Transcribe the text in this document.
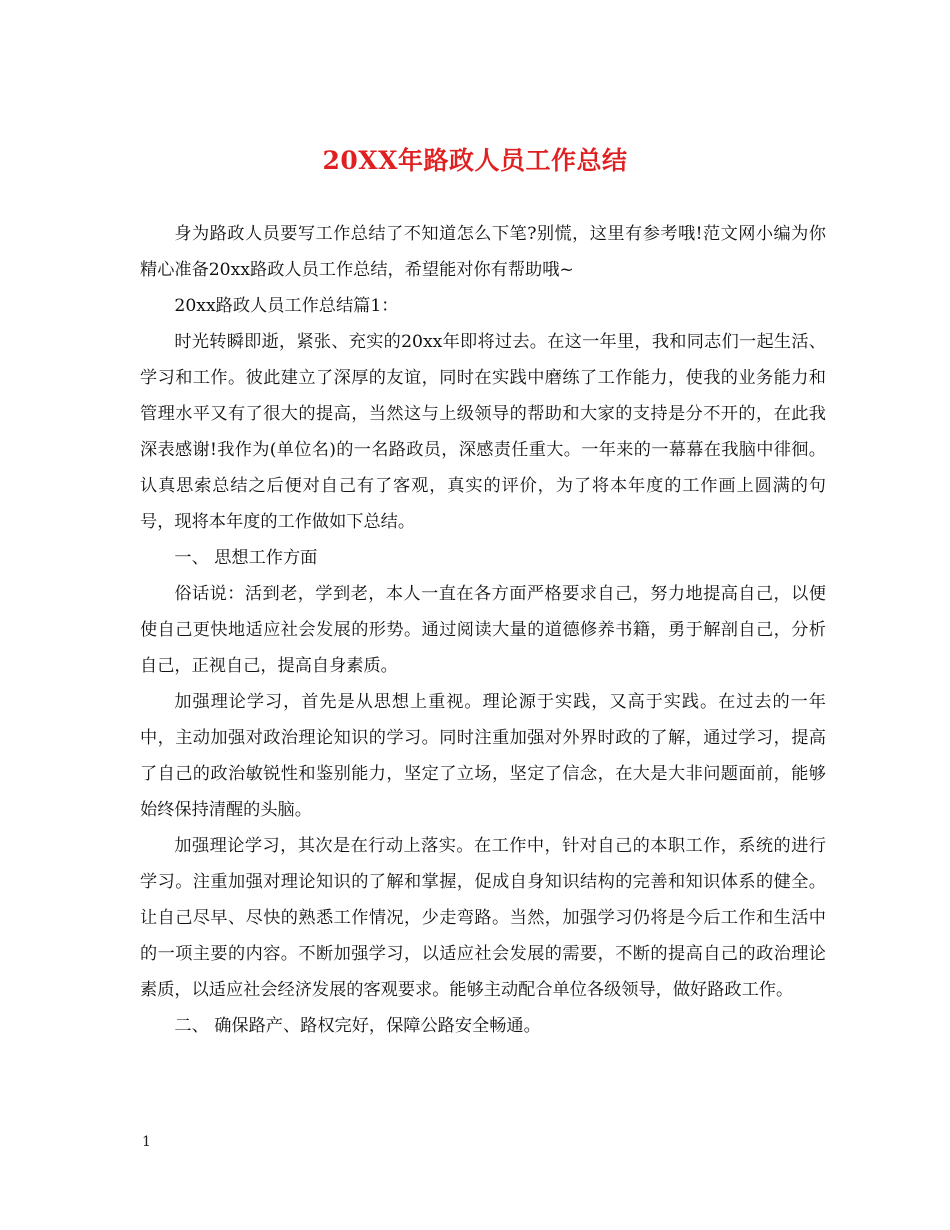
20XX年路政人员工作总结

身为路政人员要写工作总结了不知道怎么下笔?别慌，这里有参考哦!范文网小编为你精心准备20xx路政人员工作总结，希望能对你有帮助哦~

20xx路政人员工作总结篇1：

时光转瞬即逝，紧张、充实的20xx年即将过去。在这一年里，我和同志们一起生活、学习和工作。彼此建立了深厚的友谊，同时在实践中磨练了工作能力，使我的业务能力和管理水平又有了很大的提高，当然这与上级领导的帮助和大家的支持是分不开的，在此我深表感谢!我作为(单位名)的一名路政员，深感责任重大。一年来的一幕幕在我脑中徘徊。认真思索总结之后便对自己有了客观，真实的评价，为了将本年度的工作画上圆满的句号，现将本年度的工作做如下总结。

一、 思想工作方面

俗话说：活到老，学到老，本人一直在各方面严格要求自己，努力地提高自己，以便使自己更快地适应社会发展的形势。通过阅读大量的道德修养书籍，勇于解剖自己，分析自己，正视自己，提高自身素质。

加强理论学习，首先是从思想上重视。理论源于实践，又高于实践。在过去的一年中，主动加强对政治理论知识的学习。同时注重加强对外界时政的了解，通过学习，提高了自己的政治敏锐性和鉴别能力，坚定了立场，坚定了信念，在大是大非问题面前，能够始终保持清醒的头脑。

加强理论学习，其次是在行动上落实。在工作中，针对自己的本职工作，系统的进行学习。注重加强对理论知识的了解和掌握，促成自身知识结构的完善和知识体系的健全。让自己尽早、尽快的熟悉工作情况，少走弯路。当然，加强学习仍将是今后工作和生活中的一项主要的内容。不断加强学习，以适应社会发展的需要，不断的提高自己的政治理论素质，以适应社会经济发展的客观要求。能够主动配合单位各级领导，做好路政工作。

二、 确保路产、路权完好，保障公路安全畅通。

1
